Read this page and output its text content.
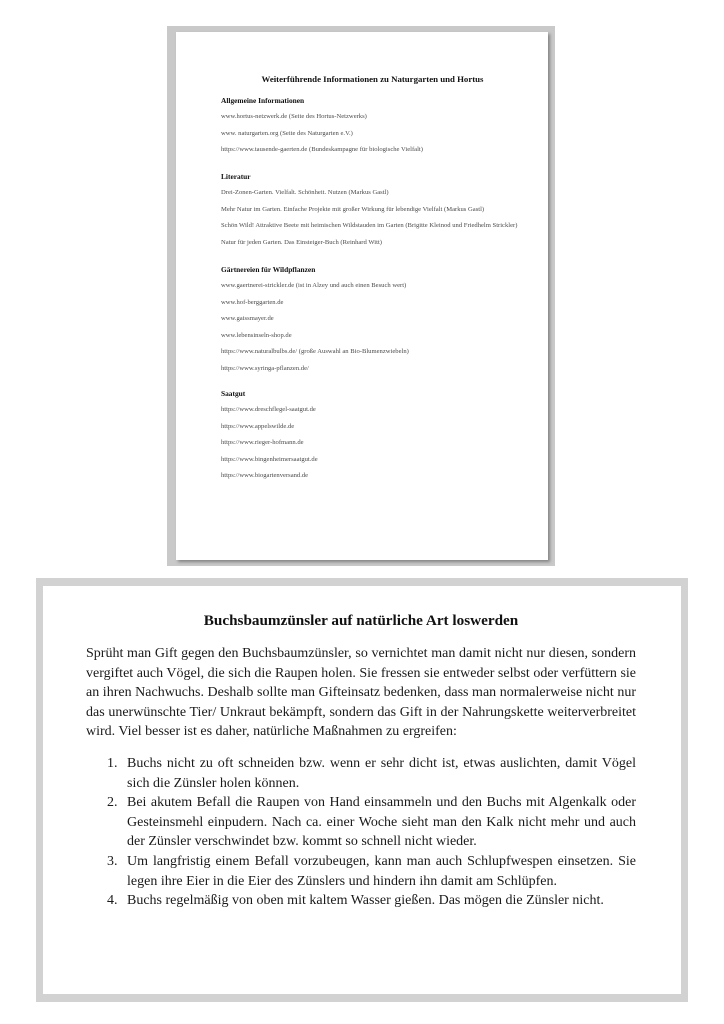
Weiterführende Informationen zu Naturgarten und Hortus
Allgemeine Informationen
www.hortus-netzwerk.de (Seite des Hortus-Netzwerks)
www. naturgarten.org (Seite des Naturgarten e.V.)
https://www.tausende-gaerten.de (Bundeskampagne für biologische Vielfalt)
Literatur
Drei-Zonen-Garten. Vielfalt. Schönheit. Nutzen (Markus Gastl)
Mehr Natur im Garten. Einfache Projekte mit großer Wirkung für lebendige Vielfalt (Markus Gastl)
Schön Wild! Attraktive Beete mit heimischen Wildstauden im Garten (Brigitte Kleinod und Friedhelm Strickler)
Natur für jeden Garten. Das Einsteiger-Buch (Reinhard Witt)
Gärtnereien für Wildpflanzen
www.gaertnerei-strickler.de (ist in Alzey und auch einen Besuch wert)
www.hof-berggarten.de
www.gaissmayer.de
www.lebensinseln-shop.de
https://www.naturalbulbs.de/ (große Auswahl an Bio-Blumenzwiebeln)
https://www.syringa-pflanzen.de/
Saatgut
https://www.dreschflegel-saatgut.de
https://www.appelswilde.de
https://www.rieger-hofmann.de
https://www.bingenheimersaatgut.de
https://www.biogartenversand.de
Buchsbaumzünsler auf natürliche Art loswerden

Sprüht man Gift gegen den Buchsbaumzünsler, so vernichtet man damit nicht nur diesen, sondern vergiftet auch Vögel, die sich die Raupen holen. Sie fressen sie entweder selbst oder verfüttern sie an ihren Nachwuchs. Deshalb sollte man Gifteinsatz bedenken, dass man normalerweise nicht nur das unerwünschte Tier/ Unkraut bekämpft, sondern das Gift in der Nahrungskette weiterverbreitet wird. Viel besser ist es daher, natürliche Maßnahmen zu ergreifen:

1. Buchs nicht zu oft schneiden bzw. wenn er sehr dicht ist, etwas auslichten, damit Vögel sich die Zünsler holen können.
2. Bei akutem Befall die Raupen von Hand einsammeln und den Buchs mit Algenkalk oder Gesteinsmehl einpudern. Nach ca. einer Woche sieht man den Kalk nicht mehr und auch der Zünsler verschwindet bzw. kommt so schnell nicht wieder.
3. Um langfristig einem Befall vorzubeugen, kann man auch Schlupfwespen einsetzen. Sie legen ihre Eier in die Eier des Zünslers und hindern ihn damit am Schlüpfen.
4. Buchs regelmäßig von oben mit kaltem Wasser gießen. Das mögen die Zünsler nicht.
